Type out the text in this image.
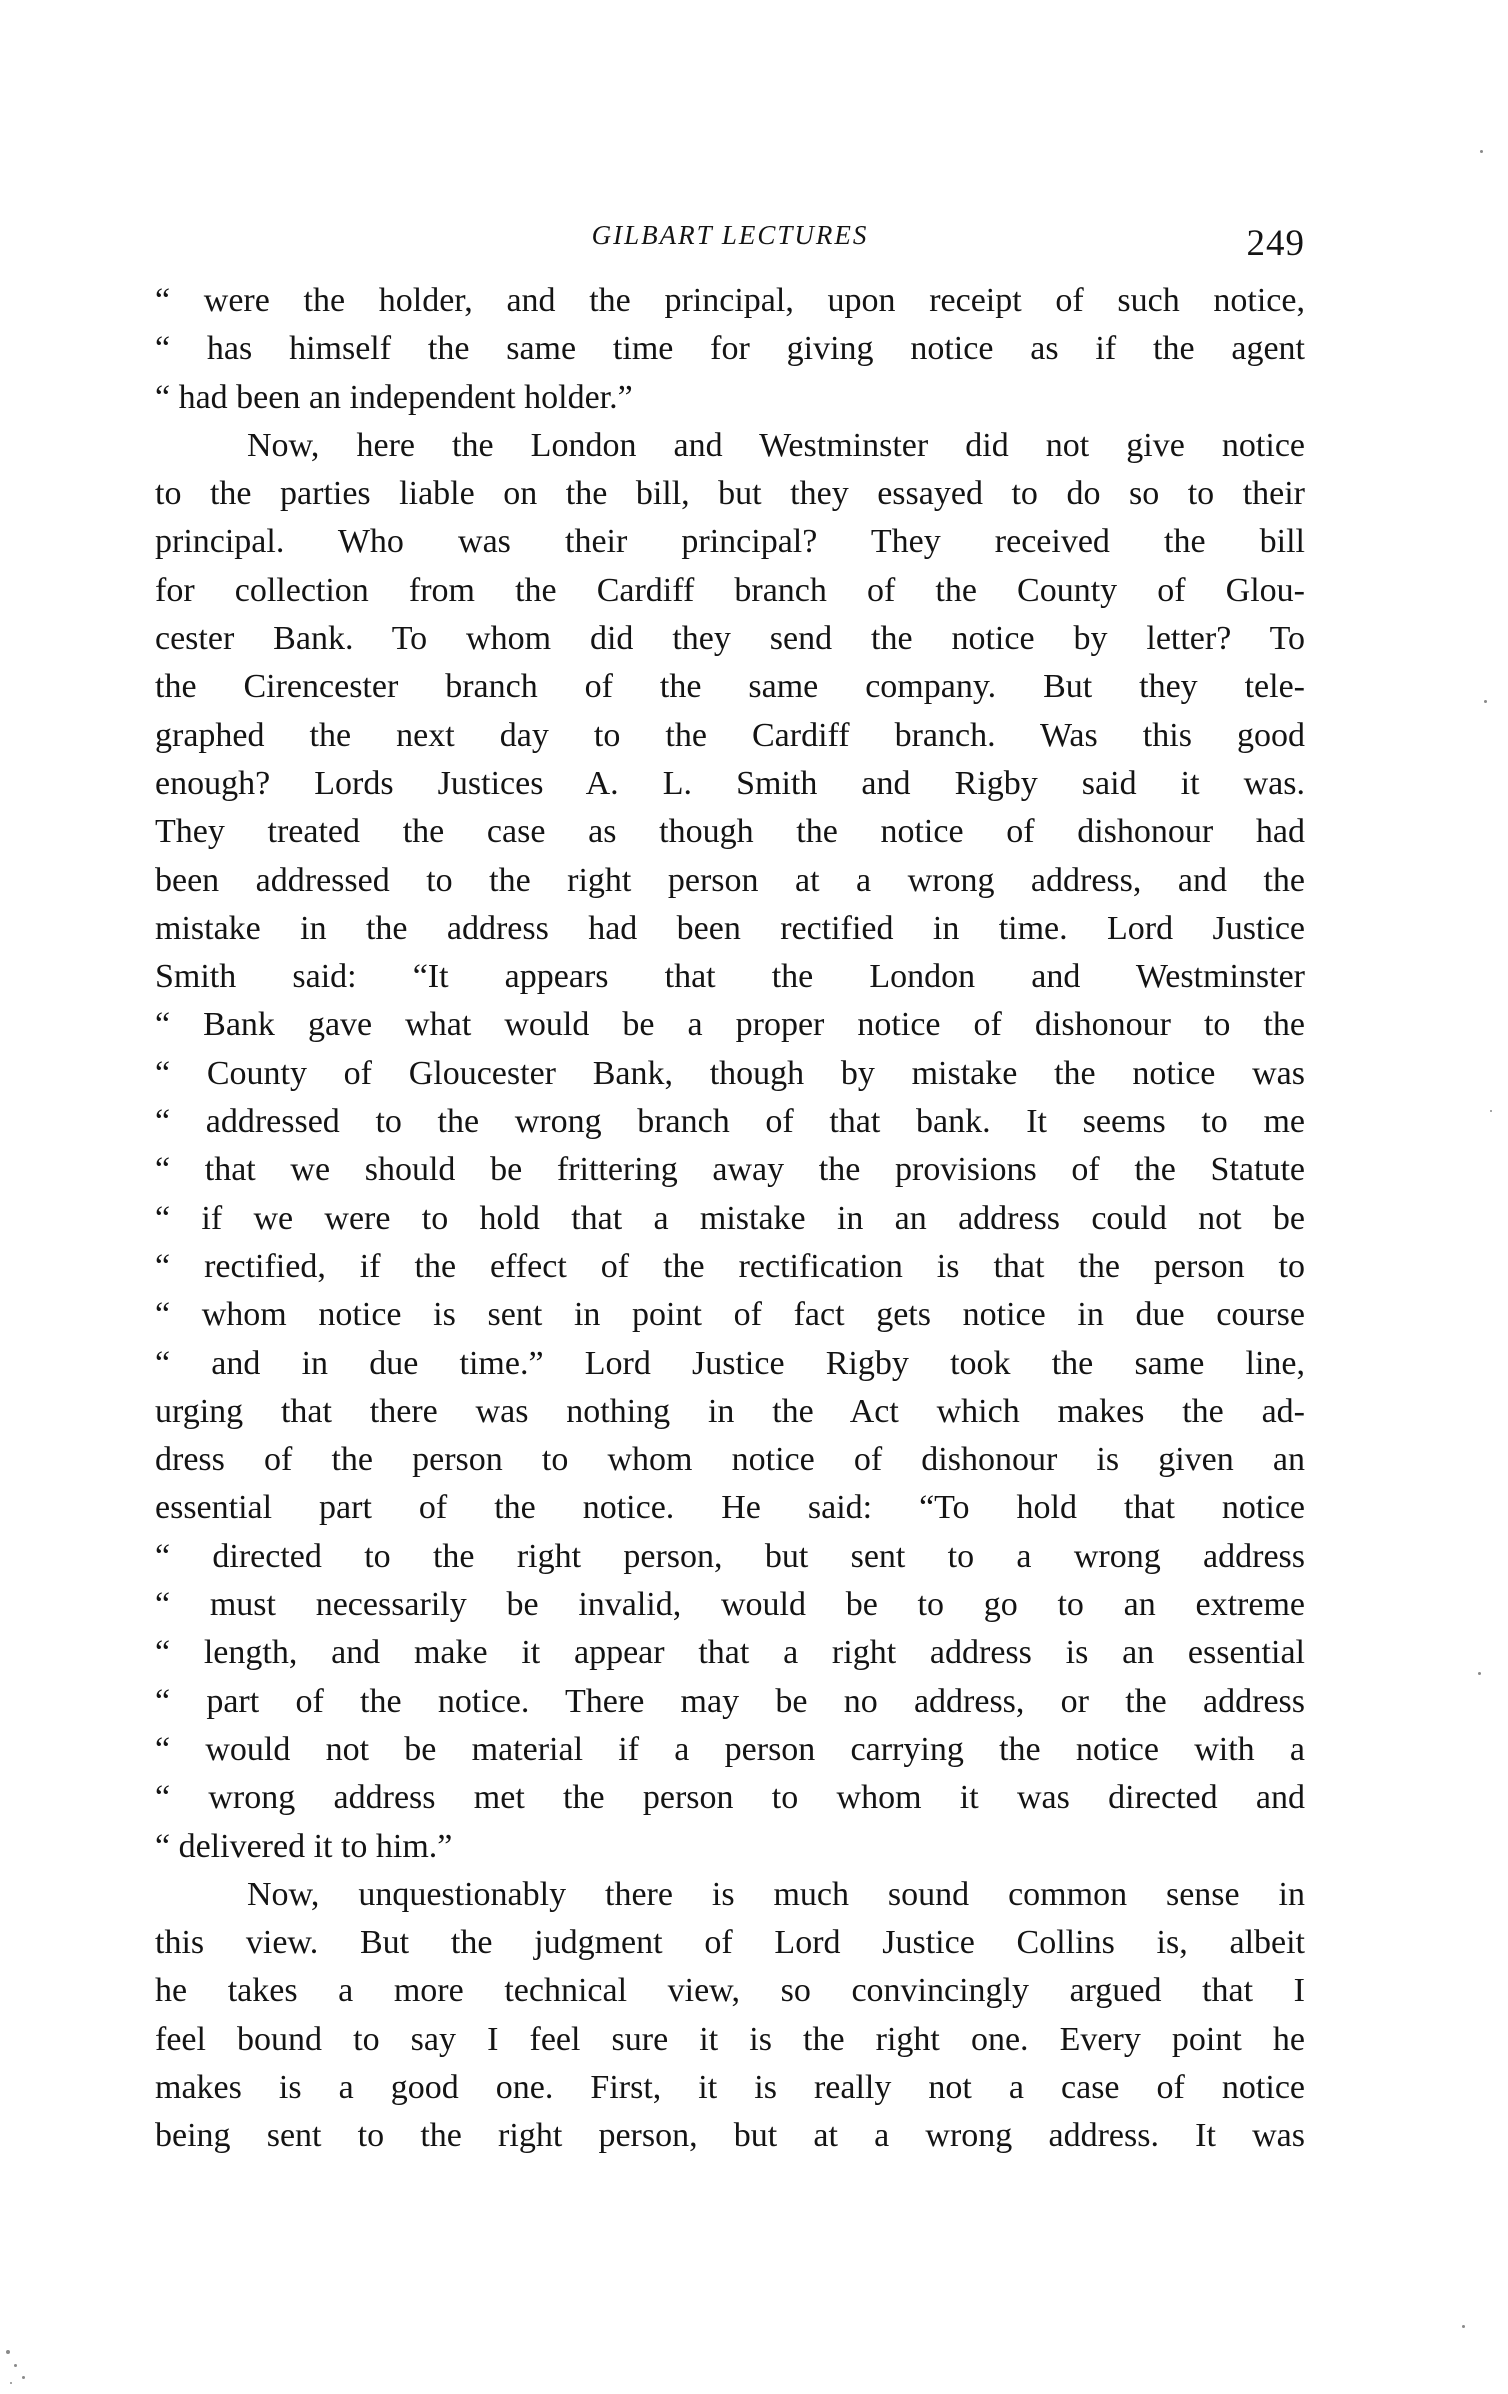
GILBART LECTURES	249
“ were the holder, and the principal, upon receipt of such notice,
“ has himself the same time for giving notice as if the agent
“ had been an independent holder.”
Now, here the London and Westminster did not give notice
to the parties liable on the bill, but they essayed to do so to their
principal. Who was their principal? They received the bill
for collection from the Cardiff branch of the County of Glou-
cester Bank. To whom did they send the notice by letter? To
the Cirencester branch of the same company. But they tele-
graphed the next day to the Cardiff branch. Was this good
enough? Lords Justices A. L. Smith and Rigby said it was.
They treated the case as though the notice of dishonour had
been addressed to the right person at a wrong address, and the
mistake in the address had been rectified in time. Lord Justice
Smith said: “It appears that the London and Westminster
“ Bank gave what would be a proper notice of dishonour to the
“ County of Gloucester Bank, though by mistake the notice was
“ addressed to the wrong branch of that bank. It seems to me
“ that we should be frittering away the provisions of the Statute
“ if we were to hold that a mistake in an address could not be
“ rectified, if the effect of the rectification is that the person to
“ whom notice is sent in point of fact gets notice in due course
“ and in due time.” Lord Justice Rigby took the same line,
urging that there was nothing in the Act which makes the ad-
dress of the person to whom notice of dishonour is given an
essential part of the notice. He said: “To hold that notice
“ directed to the right person, but sent to a wrong address
“ must necessarily be invalid, would be to go to an extreme
“ length, and make it appear that a right address is an essential
“ part of the notice. There may be no address, or the address
“ would not be material if a person carrying the notice with a
“ wrong address met the person to whom it was directed and
“ delivered it to him.”
Now, unquestionably there is much sound common sense in
this view. But the judgment of Lord Justice Collins is, albeit
he takes a more technical view, so convincingly argued that I
feel bound to say I feel sure it is the right one. Every point he
makes is a good one. First, it is really not a case of notice
being sent to the right person, but at a wrong address. It was
